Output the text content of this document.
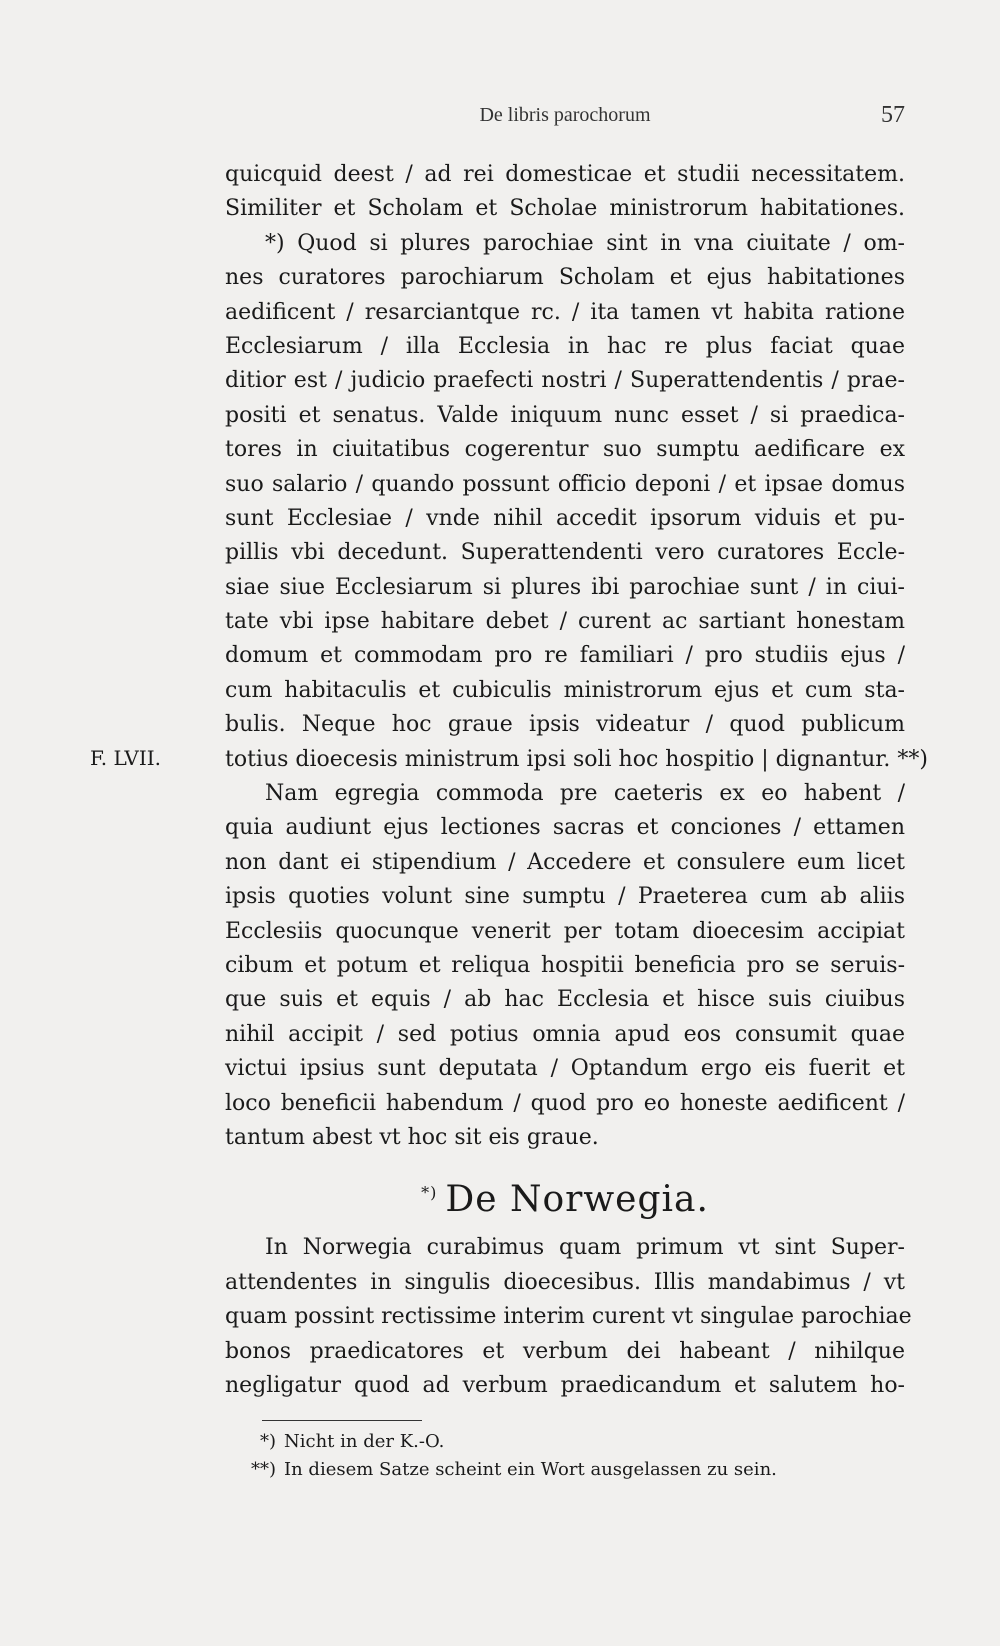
De libris parochorum	57
F. LVII.
quicquid deest / ad rei domesticae et studii necessitatem.
Similiter et Scholam et Scholae ministrorum habitationes.
*) Quod si plures parochiae sint in vna ciuitate / om-
nes curatores parochiarum Scholam et ejus habitationes
aedificent / resarciantque rc. / ita tamen vt habita ratione
Ecclesiarum / illa Ecclesia in hac re plus faciat quae
ditior est / judicio praefecti nostri / Superattendentis / prae-
positi et senatus. Valde iniquum nunc esset / si praedica-
tores in ciuitatibus cogerentur suo sumptu aedificare ex
suo salario / quando possunt officio deponi / et ipsae domus
sunt Ecclesiae / vnde nihil accedit ipsorum viduis et pu-
pillis vbi decedunt. Superattendenti vero curatores Eccle-
siae siue Ecclesiarum si plures ibi parochiae sunt / in ciui-
tate vbi ipse habitare debet / curent ac sartiant honestam
domum et commodam pro re familiari / pro studiis ejus /
cum habitaculis et cubiculis ministrorum ejus et cum sta-
bulis. Neque hoc graue ipsis videatur / quod publicum
totius dioecesis ministrum ipsi soli hoc hospitio | dignantur. **)
Nam egregia commoda pre caeteris ex eo habent /
quia audiunt ejus lectiones sacras et conciones / ettamen
non dant ei stipendium / Accedere et consulere eum licet
ipsis quoties volunt sine sumptu / Praeterea cum ab aliis
Ecclesiis quocunque venerit per totam dioecesim accipiat
cibum et potum et reliqua hospitii beneficia pro se seruis-
que suis et equis / ab hac Ecclesia et hisce suis ciuibus
nihil accipit / sed potius omnia apud eos consumit quae
victui ipsius sunt deputata / Optandum ergo eis fuerit et
loco beneficii habendum / quod pro eo honeste aedificent /
tantum abest vt hoc sit eis graue.
*) De Norwegia.
In Norwegia curabimus quam primum vt sint Super-
attendentes in singulis dioecesibus. Illis mandabimus / vt
quam possint rectissime interim curent vt singulae parochiae
bonos praedicatores et verbum dei habeant / nihilque
negligatur quod ad verbum praedicandum et salutem ho-
*) Nicht in der K.-O.
**) In diesem Satze scheint ein Wort ausgelassen zu sein.
